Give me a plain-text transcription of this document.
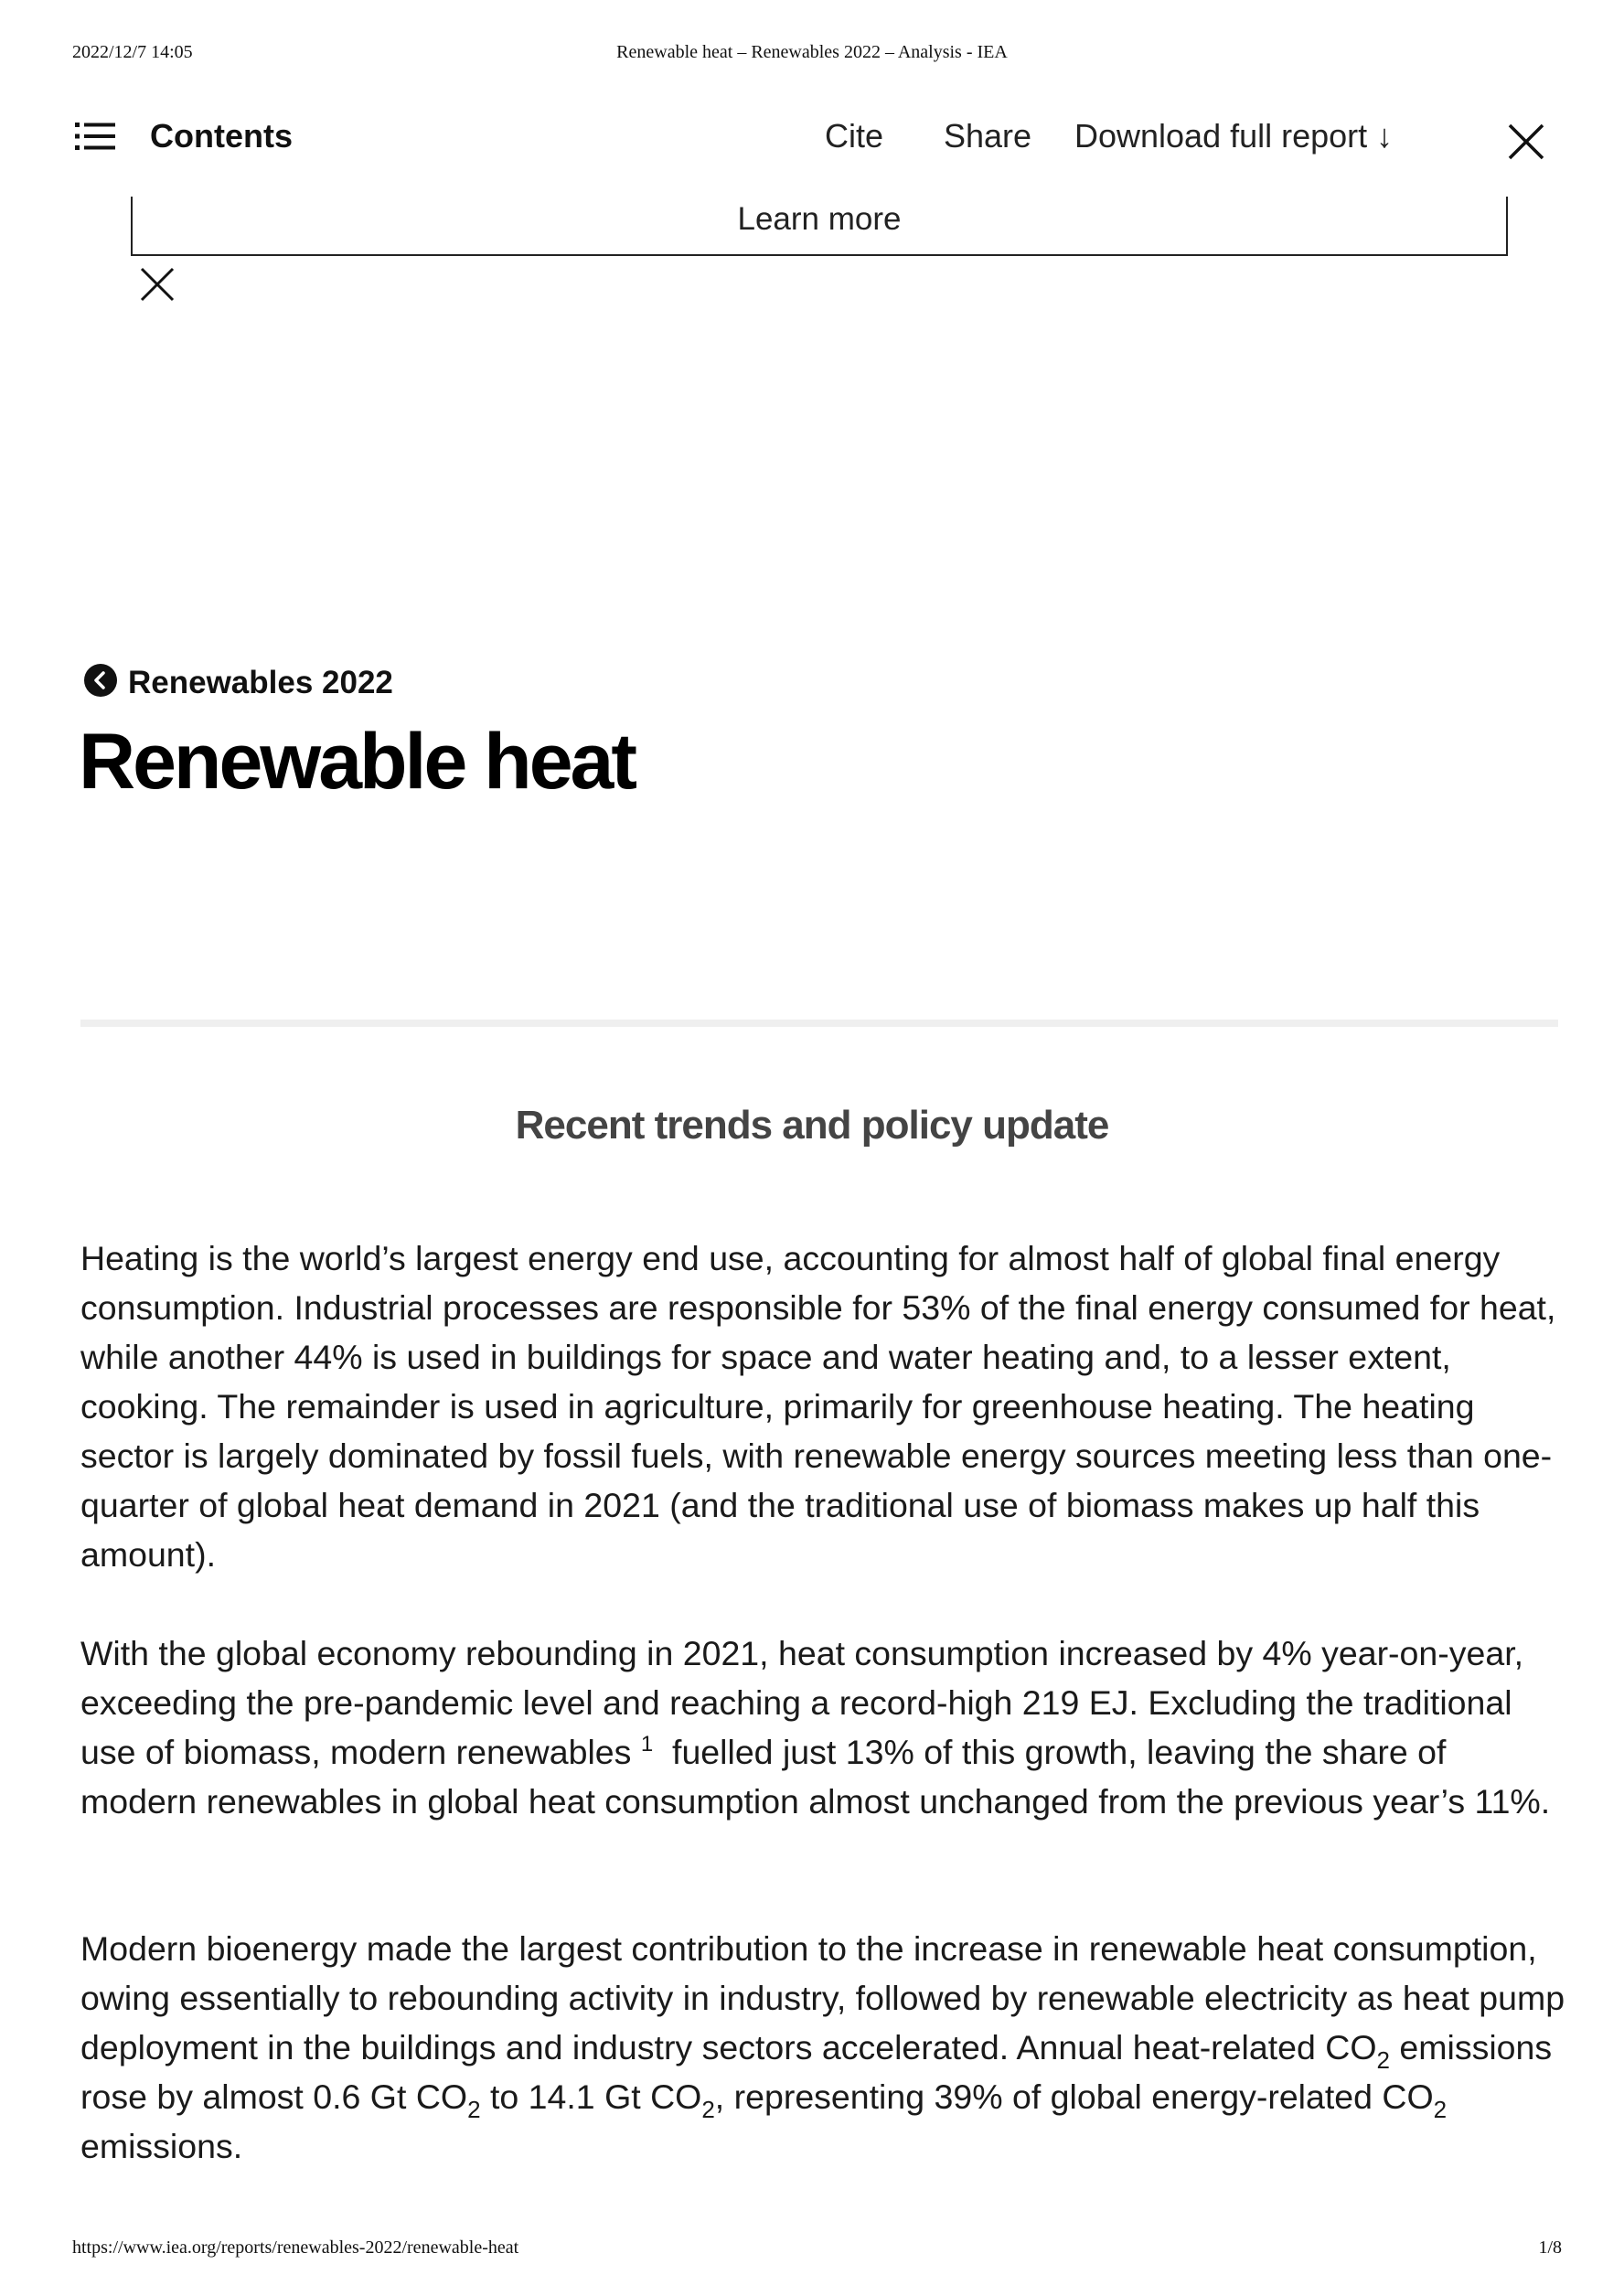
2022/12/7 14:05	Renewable heat – Renewables 2022 – Analysis - IEA
Contents	Cite Share Download full report ↓
Learn more
Renewables 2022
Renewable heat
Recent trends and policy update

Heating is the world’s largest energy end use, accounting for almost half of global final energy consumption. Industrial processes are responsible for 53% of the final energy consumed for heat, while another 44% is used in buildings for space and water heating and, to a lesser extent, cooking. The remainder is used in agriculture, primarily for greenhouse heating. The heating sector is largely dominated by fossil fuels, with renewable energy sources meeting less than one-quarter of global heat demand in 2021 (and the traditional use of biomass makes up half this amount).

With the global economy rebounding in 2021, heat consumption increased by 4% year-on-year, exceeding the pre-pandemic level and reaching a record-high 219 EJ. Excluding the traditional use of biomass, modern renewables $^1$ fuelled just 13% of this growth, leaving the share of modern renewables in global heat consumption almost unchanged from the previous year’s 11%.

Modern bioenergy made the largest contribution to the increase in renewable heat consumption, owing essentially to rebounding activity in industry, followed by renewable electricity as heat pump deployment in the buildings and industry sectors accelerated. Annual heat-related $CO_2$ emissions rose by almost 0.6 Gt $CO_2$ to 14.1 Gt $CO_2$, representing 39% of global energy-related $CO_2$ emissions.

https://www.iea.org/reports/renewables-2022/renewable-heat	1/8
